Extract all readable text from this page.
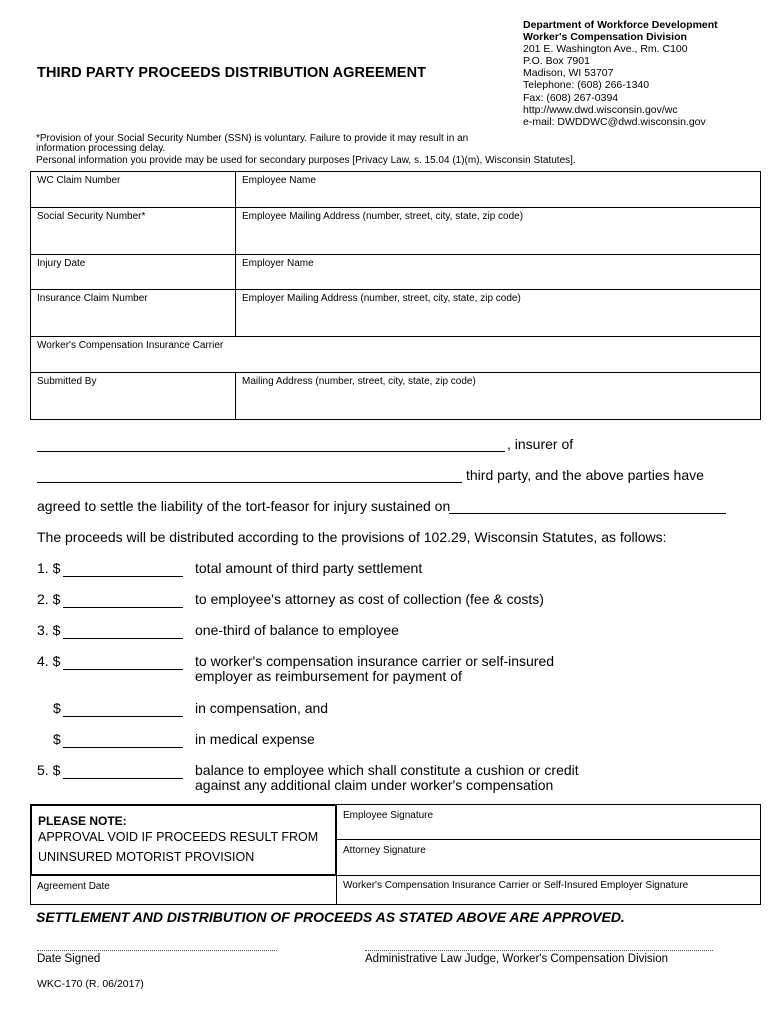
Department of Workforce Development
Worker's Compensation Division
201 E. Washington Ave., Rm. C100
P.O. Box 7901
Madison, WI 53707
Telephone: (608) 266-1340
Fax: (608) 267-0394
http://www.dwd.wisconsin.gov/wc
e-mail: DWDDWC@dwd.wisconsin.gov
THIRD PARTY PROCEEDS DISTRIBUTION AGREEMENT
*Provision of your Social Security Number (SSN) is voluntary. Failure to provide it may result in an
information processing delay.
Personal information you provide may be used for secondary purposes [Privacy Law, s. 15.04 (1)(m), Wisconsin Statutes].
WC Claim Number	Employee Name
Social Security Number*	Employee Mailing Address (number, street, city, state, zip code)
Injury Date	Employer Name
Insurance Claim Number	Employer Mailing Address (number, street, city, state, zip code)
Worker's Compensation Insurance Carrier	
Submitted By	Mailing Address (number, street, city, state, zip code)
, insurer of
third party, and the above parties have
agreed to settle the liability of the tort-feasor for injury sustained on
The proceeds will be distributed according to the provisions of 102.29, Wisconsin Statutes, as follows:
1. $	total amount of third party settlement
2. $	to employee's attorney as cost of collection (fee & costs)
3. $	one-third of balance to employee
4. $	to worker's compensation insurance carrier or self-insured
employer as reimbursement for payment of
$	in compensation, and
$	in medical expense
5. $	balance to employee which shall constitute a cushion or credit
against any additional claim under worker's compensation
PLEASE NOTE:
APPROVAL VOID IF PROCEEDS RESULT FROM
UNINSURED MOTORIST PROVISION
Employee Signature
Attorney Signature
Agreement Date	Worker's Compensation Insurance Carrier or Self-Insured Employer Signature
SETTLEMENT AND DISTRIBUTION OF PROCEEDS AS STATED ABOVE ARE APPROVED.
Date Signed	Administrative Law Judge, Worker's Compensation Division
WKC-170 (R. 06/2017)
